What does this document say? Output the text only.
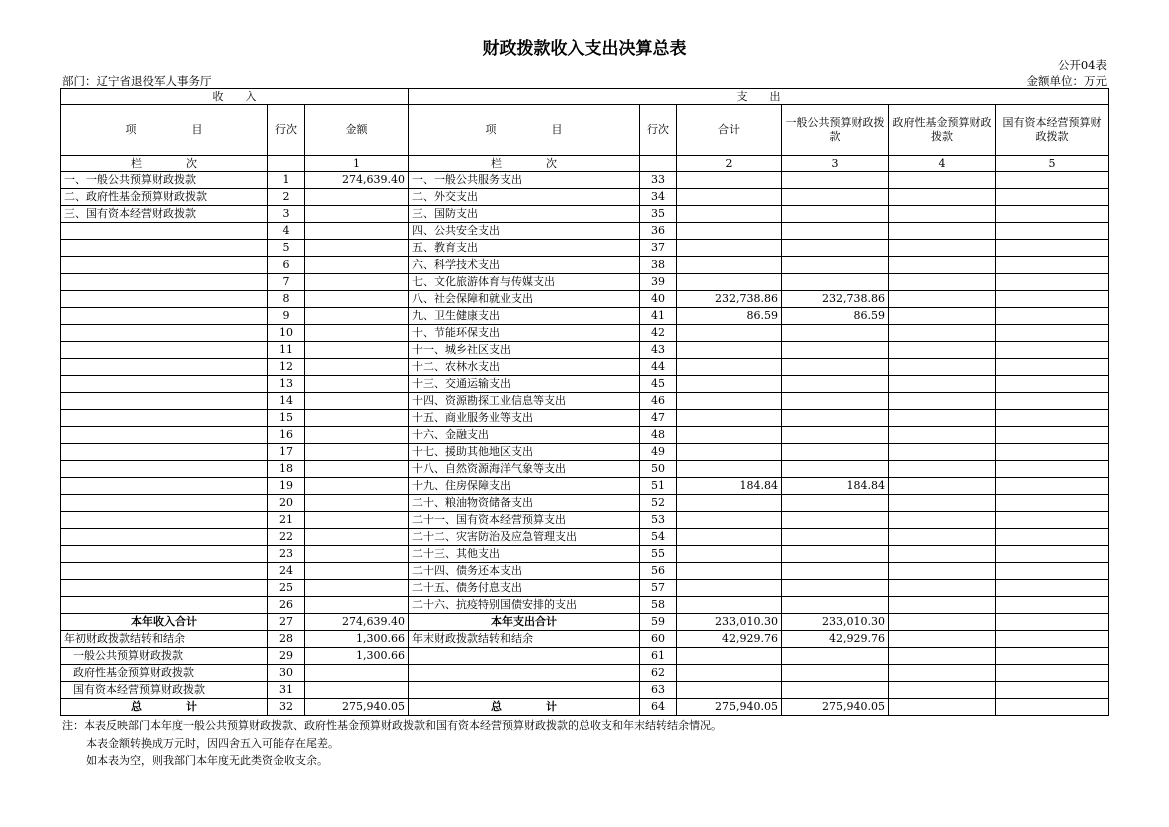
财政拨款收入支出决算总表
公开04表
部门：辽宁省退役军人事务厅	金额单位：万元
收　　入			支　　出					
项　　　　　目	行次	金额	项　　　　　目	行次	合计	一般公共预算财政拨款	政府性基金预算财政拨款	国有资本经营预算财政拨款
栏　　　　次		1	栏　　　　次		2	3	4	5
一、一般公共预算财政拨款	1	274,639.40	一、一般公共服务支出	33				
二、政府性基金预算财政拨款	2		二、外交支出	34				
三、国有资本经营财政拨款	3		三、国防支出	35				
	4		四、公共安全支出	36				
	5		五、教育支出	37				
	6		六、科学技术支出	38				
	7		七、文化旅游体育与传媒支出	39				
	8		八、社会保障和就业支出	40	232,738.86	232,738.86		
	9		九、卫生健康支出	41	86.59	86.59		
	10		十、节能环保支出	42				
	11		十一、城乡社区支出	43				
	12		十二、农林水支出	44				
	13		十三、交通运输支出	45				
	14		十四、资源勘探工业信息等支出	46				
	15		十五、商业服务业等支出	47				
	16		十六、金融支出	48				
	17		十七、援助其他地区支出	49				
	18		十八、自然资源海洋气象等支出	50				
	19		十九、住房保障支出	51	184.84	184.84		
	20		二十、粮油物资储备支出	52				
	21		二十一、国有资本经营预算支出	53				
	22		二十二、灾害防治及应急管理支出	54				
	23		二十三、其他支出	55				
	24		二十四、债务还本支出	56				
	25		二十五、债务付息支出	57				
	26		二十六、抗疫特别国债安排的支出	58				
本年收入合计	27	274,639.40	本年支出合计	59	233,010.30	233,010.30		
年初财政拨款结转和结余	28	1,300.66	年末财政拨款结转和结余	60	42,929.76	42,929.76		
一般公共预算财政拨款	29	1,300.66		61				
政府性基金预算财政拨款	30			62				
国有资本经营预算财政拨款	31			63				
总　　　　计	32	275,940.05	总　　　　计	64	275,940.05	275,940.05		
注：本表反映部门本年度一般公共预算财政拨款、政府性基金预算财政拨款和国有资本经营预算财政拨款的总收支和年末结转结余情况。
本表金额转换成万元时，因四舍五入可能存在尾差。
如本表为空，则我部门本年度无此类资金收支余。
